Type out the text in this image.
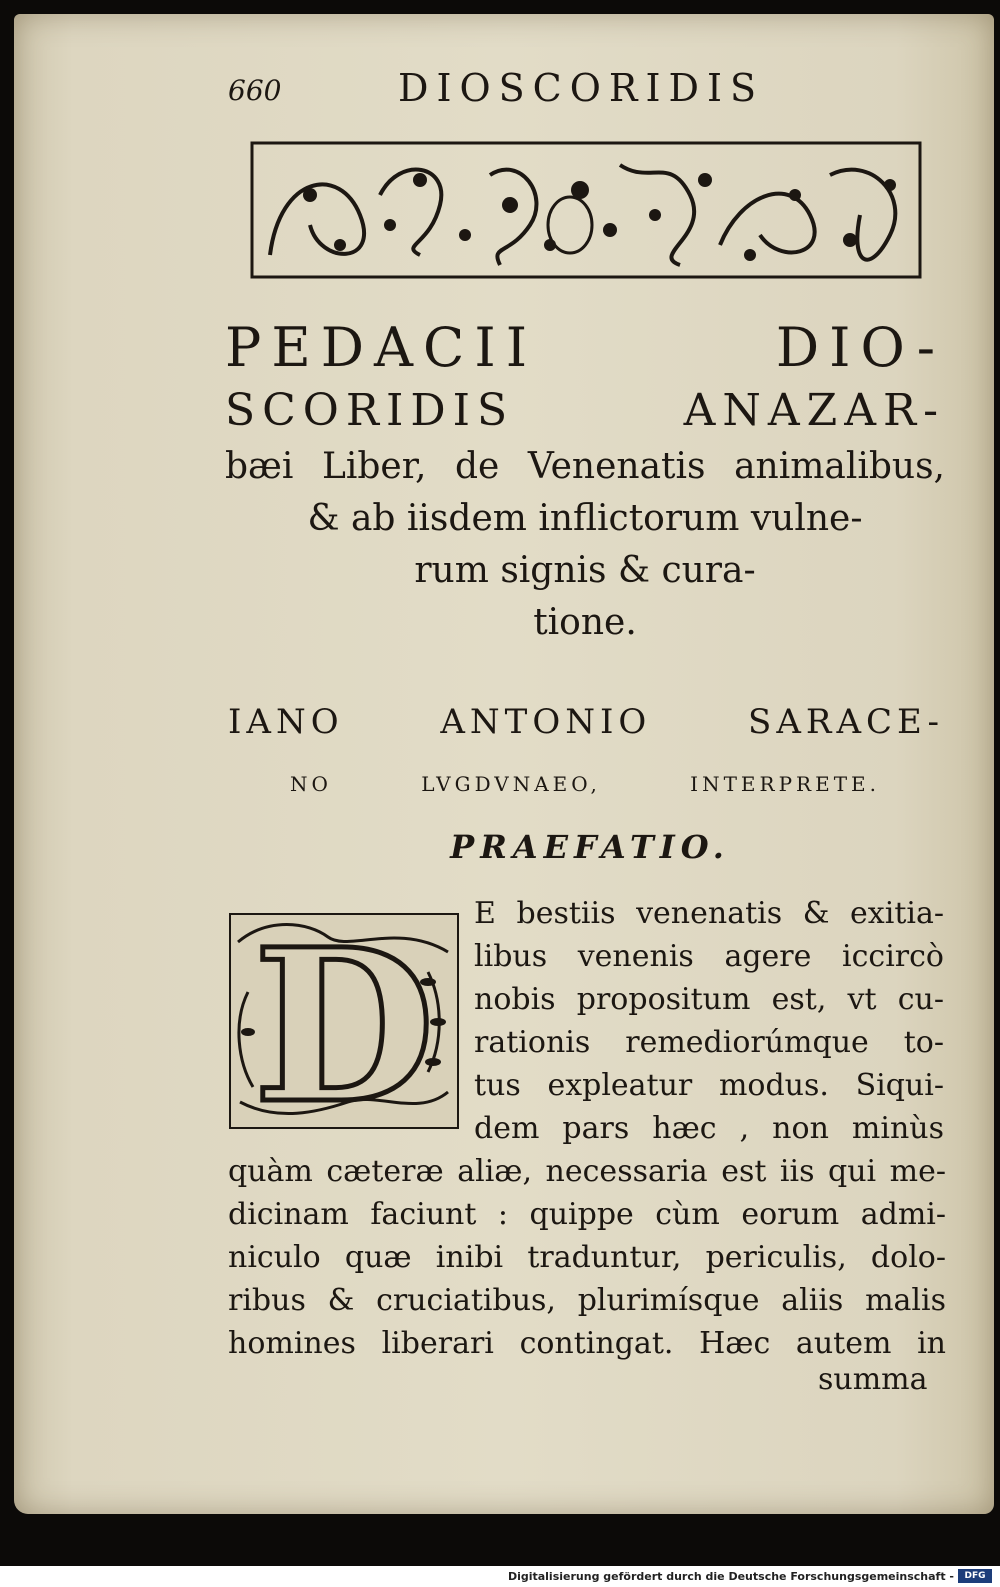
660	DIOSCORIDIS
PEDACII DIO-
SCORIDIS ANAZAR-
bæi Liber, de Venenatis animalibus,
& ab iisdem inflictorum vulne-
rum signis & cura-
tione.
IANO ANTONIO SARACE-
NO LVGDVNAEO, INTERPRETE.
PRAEFATIO.
D E bestiis venenatis & exitia-
libus venenis agere iccircò
nobis propositum est, vt cu-
rationis remediorúmque to-
tus expleatur modus. Siqui-
dem pars hæc , non minùs
quàm cæteræ aliæ, necessaria est iis qui me-
dicinam faciunt : quippe cùm eorum admi-
niculo quæ inibi traduntur, periculis, dolo-
ribus & cruciatibus, plurimísque aliis malis
homines liberari contingat. Hæc autem in
summa
Digitalisierung gefördert durch die Deutsche Forschungsgemeinschaft -	DFG
